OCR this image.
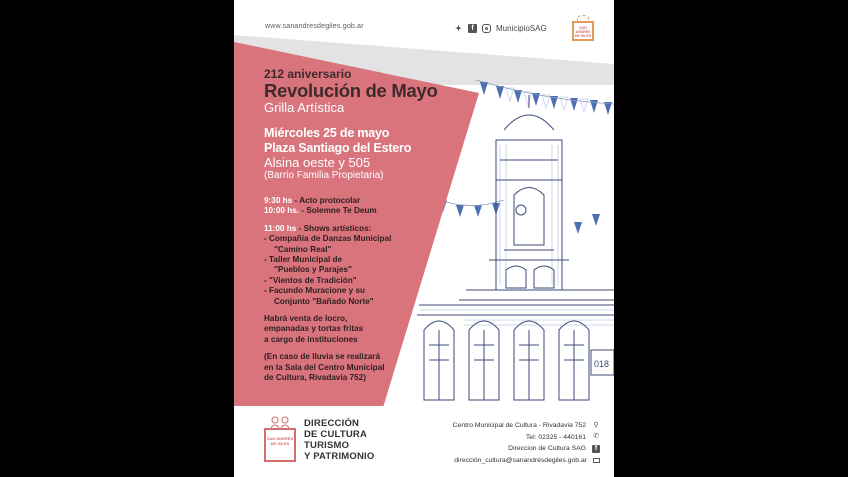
018
www.sanandresdegiles.gob.ar	✦	f	MunicipioSAG	SAN ANDRÉS DE GILES
212 aniversario
Revolución de Mayo
Grilla Artística
Miércoles 25 de mayo
Plaza Santiago del Estero
Alsina oeste y 505
(Barrio Familia Propietaria)
9:30 hs - Acto protocolar
10:00 hs. - Solemne Te Deum
11:00 hs - Shows artísticos:
- Compañía de Danzas Municipal
"Camino Real"
- Taller Municipal de
"Pueblos y Parajes"
- "Vientos de Tradición"
- Facundo Muracione y su
Conjunto "Bañado Norte"
Habrá venta de locro,
empanadas y tortas fritas
a cargo de instituciones
(En caso de lluvia se realizará
en la Sala del Centro Municipal
de Cultura, Rivadavia 752)
SAN ANDRÉS DE GILES
DIRECCIÓN
DE CULTURA
TURISMO
Y PATRIMONIO
Centro Municipal de Cultura - Rivadavia 752 ⚲
Tel: 02325 - 440161 ✆
Direccion de Cultura SAG	f
dirección_cultura@sanandrésdegiles.gob.ar
